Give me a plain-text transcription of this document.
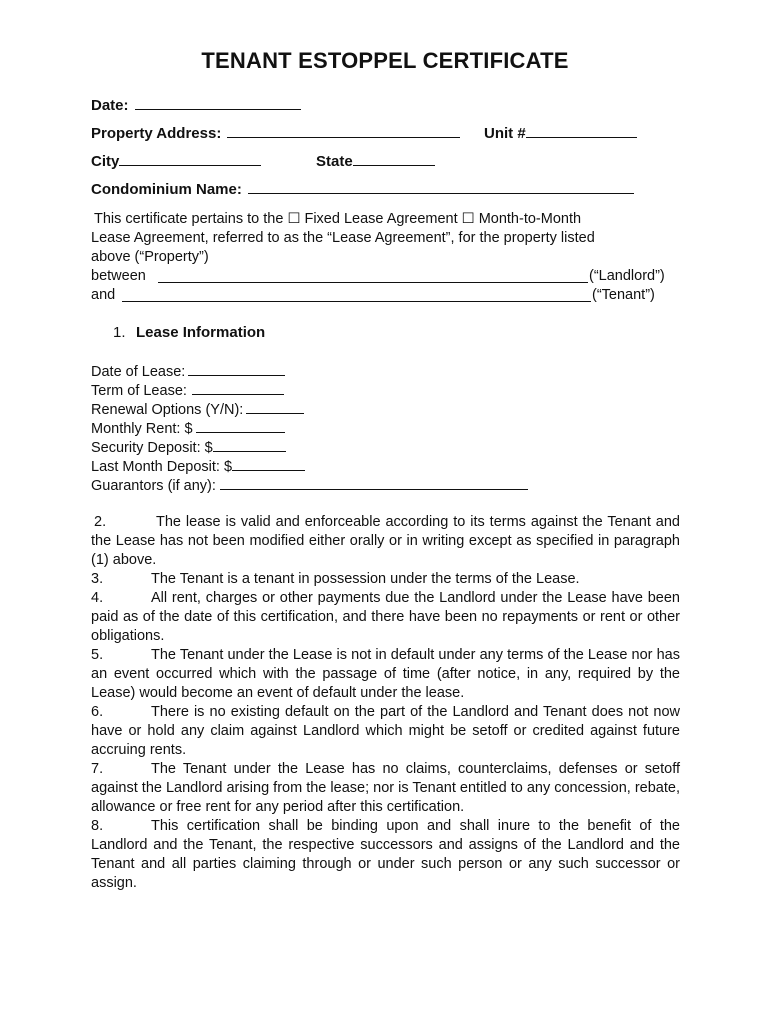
TENANT ESTOPPEL CERTIFICATE
Date:
Property Address:	Unit #
City	State
Condominium Name:
This certificate pertains to the ☐ Fixed Lease Agreement ☐ Month-to-Month
Lease Agreement, referred to as the “Lease Agreement”, for the property listed above (“Property”)
between	(“Landlord”)
and	(“Tenant”)
1. Lease Information
Date of Lease:
Term of Lease:
Renewal Options (Y/N):
Monthly Rent: $
Security Deposit: $
Last Month Deposit: $
Guarantors (if any):

2.	The lease is valid and enforceable according to its terms against the Tenant and the Lease has not been modified either orally or in writing except as specified in paragraph (1) above.

3.	The Tenant is a tenant in possession under the terms of the Lease.

4.	All rent, charges or other payments due the Landlord under the Lease have been paid as of the date of this certification, and there have been no repayments or rent or other obligations.

5.	The Tenant under the Lease is not in default under any terms of the Lease nor has an event occurred which with the passage of time (after notice, in any, required by the Lease) would become an event of default under the lease.

6.	There is no existing default on the part of the Landlord and Tenant does not now have or hold any claim against Landlord which might be setoff or credited against future accruing rents.

7.	The Tenant under the Lease has no claims, counterclaims, defenses or setoff against the Landlord arising from the lease; nor is Tenant entitled to any concession, rebate, allowance or free rent for any period after this certification.

8.	This certification shall be binding upon and shall inure to the benefit of the Landlord and the Tenant, the respective successors and assigns of the Landlord and the Tenant and all parties claiming through or under such person or any such successor or assign.
